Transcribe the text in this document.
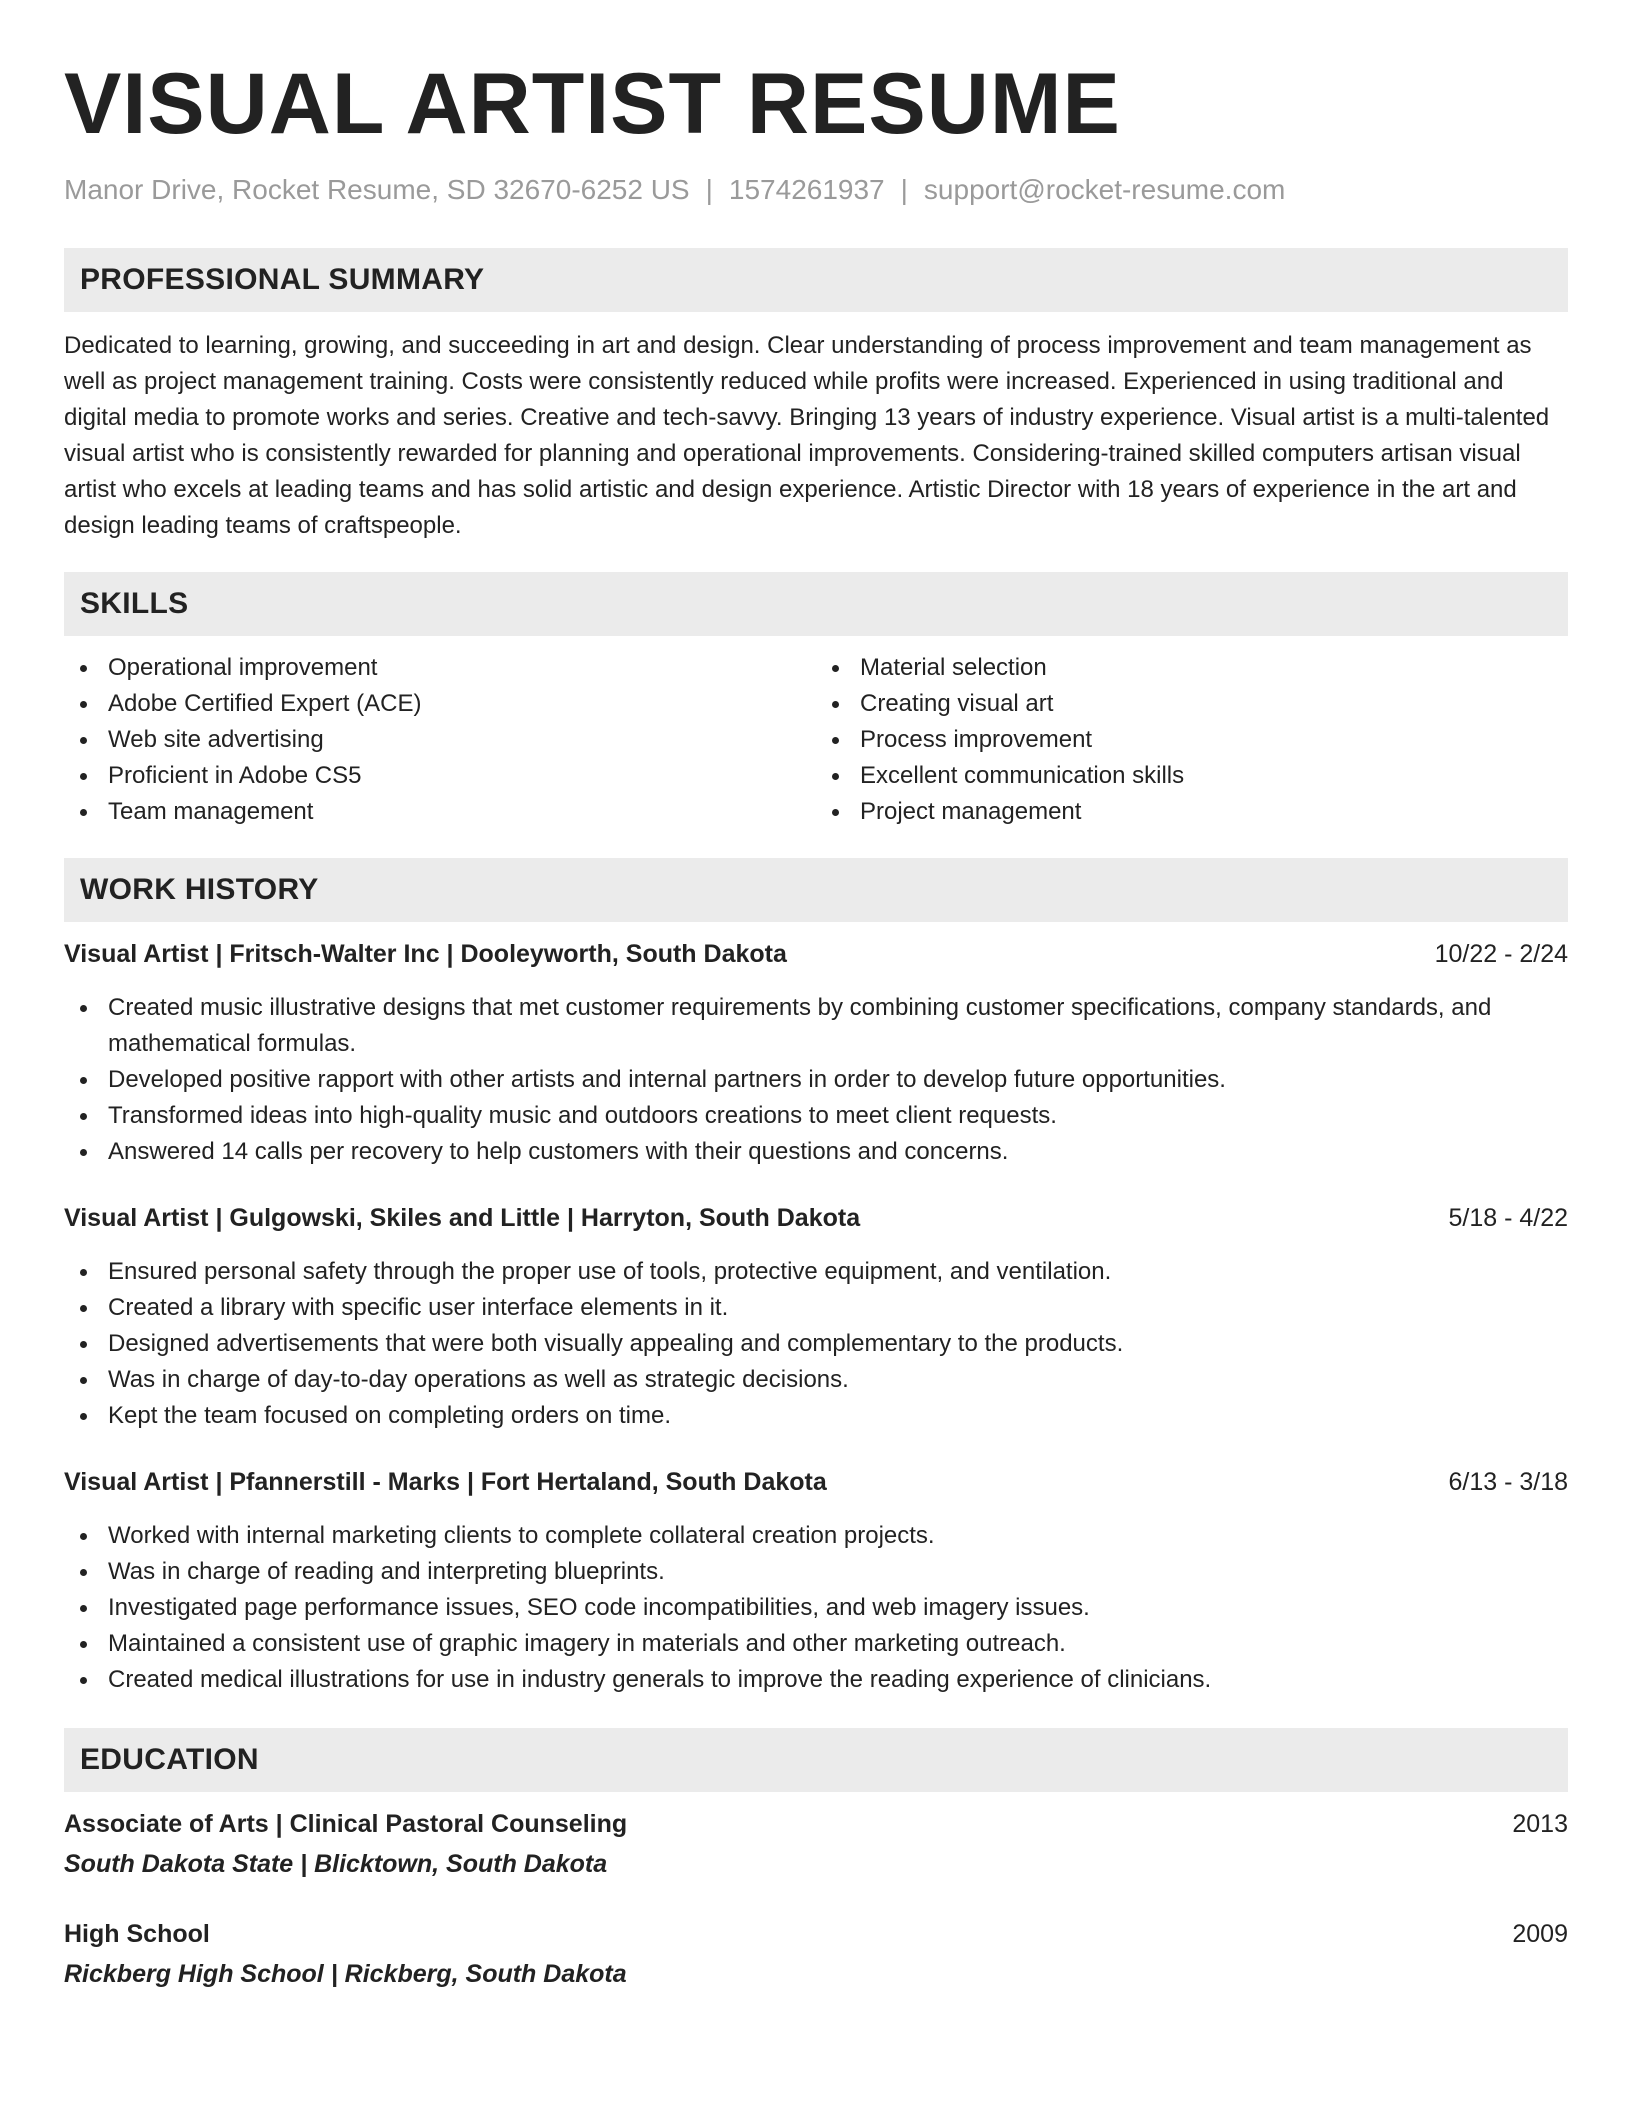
VISUAL ARTIST RESUME
Manor Drive, Rocket Resume, SD 32670-6252 US | 1574261937 | support@rocket-resume.com
PROFESSIONAL SUMMARY

Dedicated to learning, growing, and succeeding in art and design. Clear understanding of process improvement and team management as well as project management training. Costs were consistently reduced while profits were increased. Experienced in using traditional and digital media to promote works and series. Creative and tech-savvy. Bringing 13 years of industry experience. Visual artist is a multi-talented visual artist who is consistently rewarded for planning and operational improvements. Considering-trained skilled computers artisan visual artist who excels at leading teams and has solid artistic and design experience. Artistic Director with 18 years of experience in the art and design leading teams of craftspeople.

SKILLS
Operational improvement
Adobe Certified Expert (ACE)
Web site advertising
Proficient in Adobe CS5
Team management
Material selection
Creating visual art
Process improvement
Excellent communication skills
Project management
WORK HISTORY
Visual Artist | Fritsch-Walter Inc | Dooleyworth, South Dakota	10/22 - 2/24
Created music illustrative designs that met customer requirements by combining customer specifications, company standards, and mathematical formulas.
Developed positive rapport with other artists and internal partners in order to develop future opportunities.
Transformed ideas into high-quality music and outdoors creations to meet client requests.
Answered 14 calls per recovery to help customers with their questions and concerns.
Visual Artist | Gulgowski, Skiles and Little | Harryton, South Dakota	5/18 - 4/22
Ensured personal safety through the proper use of tools, protective equipment, and ventilation.
Created a library with specific user interface elements in it.
Designed advertisements that were both visually appealing and complementary to the products.
Was in charge of day-to-day operations as well as strategic decisions.
Kept the team focused on completing orders on time.
Visual Artist | Pfannerstill - Marks | Fort Hertaland, South Dakota	6/13 - 3/18
Worked with internal marketing clients to complete collateral creation projects.
Was in charge of reading and interpreting blueprints.
Investigated page performance issues, SEO code incompatibilities, and web imagery issues.
Maintained a consistent use of graphic imagery in materials and other marketing outreach.
Created medical illustrations for use in industry generals to improve the reading experience of clinicians.
EDUCATION
Associate of Arts | Clinical Pastoral Counseling	2013
South Dakota State | Blicktown, South Dakota
High School	2009
Rickberg High School | Rickberg, South Dakota
